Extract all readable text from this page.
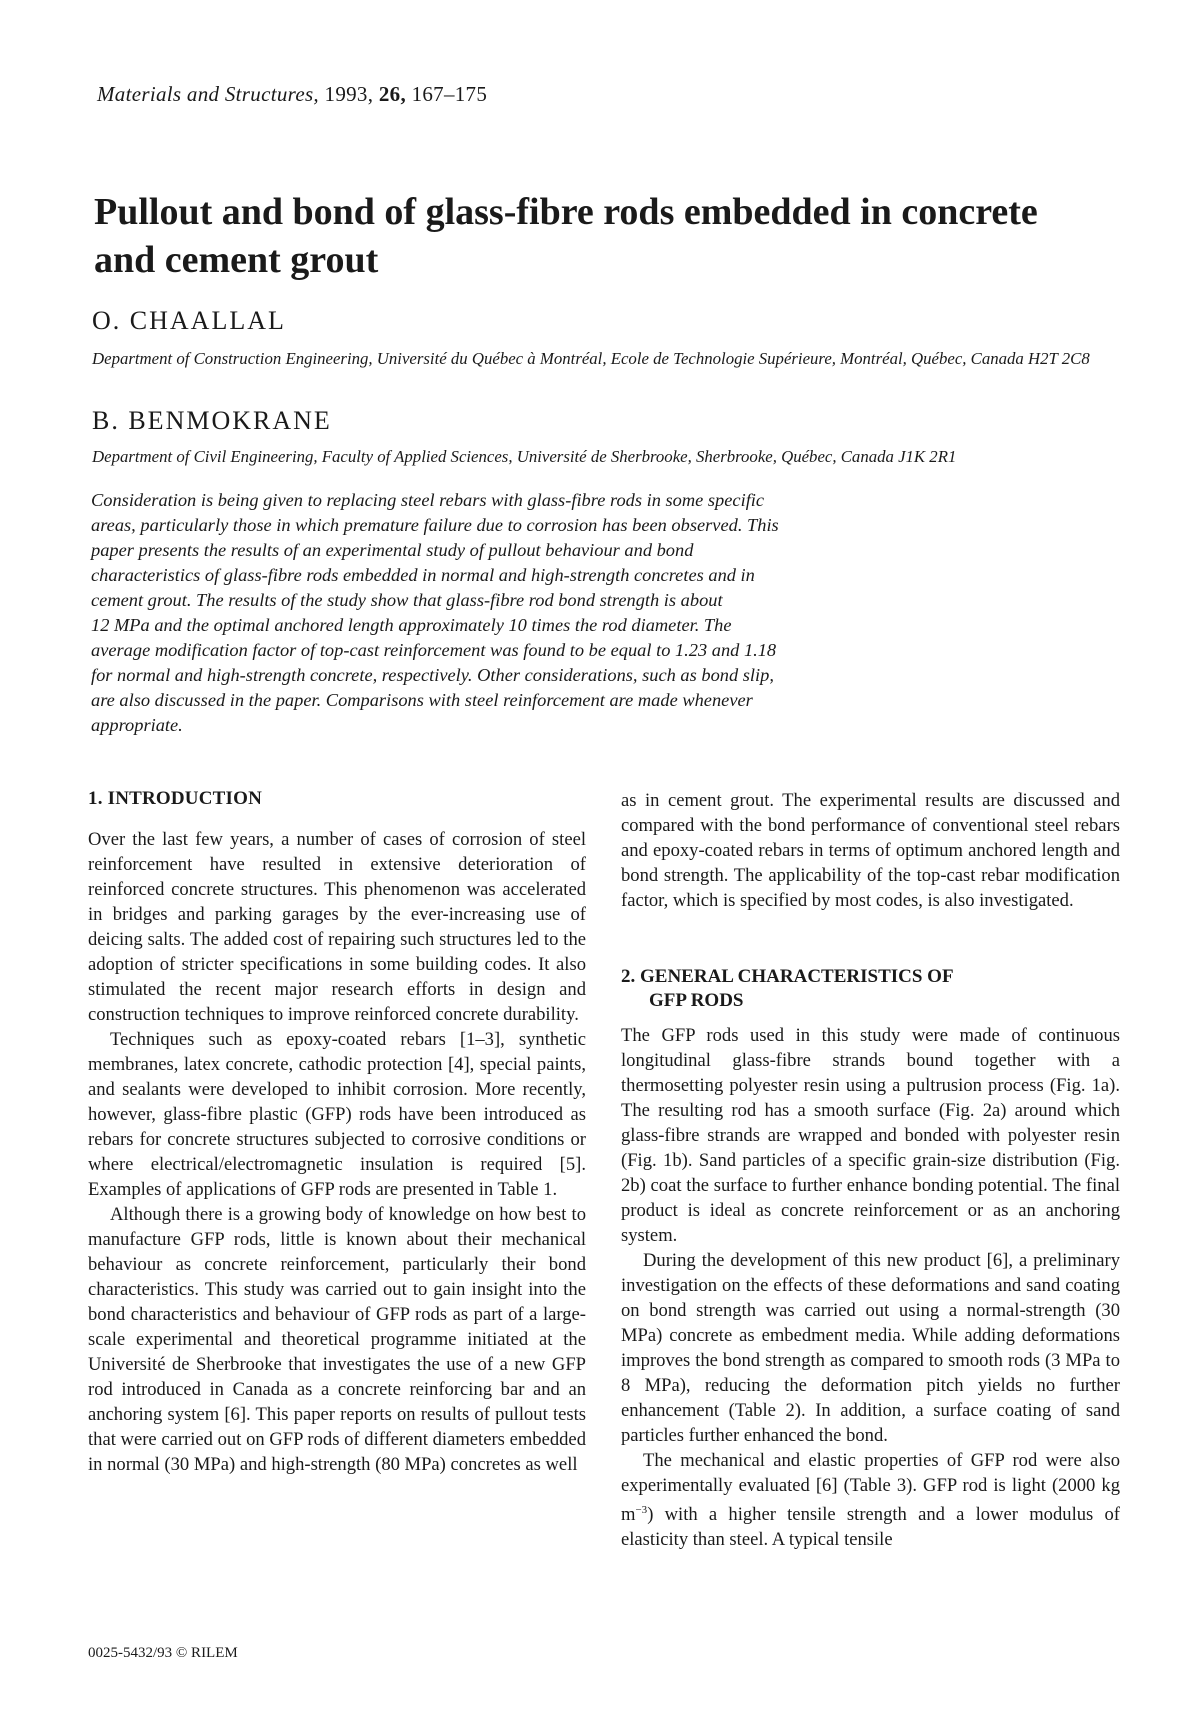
Materials and Structures, 1993, 26, 167–175
Pullout and bond of glass-fibre rods embedded in concrete and cement grout
O. CHAALLAL
Department of Construction Engineering, Université du Québec à Montréal, Ecole de Technologie Supérieure, Montréal, Québec, Canada H2T 2C8
B. BENMOKRANE
Department of Civil Engineering, Faculty of Applied Sciences, Université de Sherbrooke, Sherbrooke, Québec, Canada J1K 2R1
Consideration is being given to replacing steel rebars with glass-fibre rods in some specific
areas, particularly those in which premature failure due to corrosion has been observed. This
paper presents the results of an experimental study of pullout behaviour and bond
characteristics of glass-fibre rods embedded in normal and high-strength concretes and in
cement grout. The results of the study show that glass-fibre rod bond strength is about
12 MPa and the optimal anchored length approximately 10 times the rod diameter. The
average modification factor of top-cast reinforcement was found to be equal to 1.23 and 1.18
for normal and high-strength concrete, respectively. Other considerations, such as bond slip,
are also discussed in the paper. Comparisons with steel reinforcement are made whenever
appropriate.
1. INTRODUCTION

Over the last few years, a number of cases of corrosion of steel reinforcement have resulted in extensive deterioration of reinforced concrete structures. This phenomenon was accelerated in bridges and parking garages by the ever-increasing use of deicing salts. The added cost of repairing such structures led to the adoption of stricter specifications in some building codes. It also stimulated the recent major research efforts in design and construction techniques to improve reinforced concrete durability.

Techniques such as epoxy-coated rebars [1–3], synthetic membranes, latex concrete, cathodic protection [4], special paints, and sealants were developed to inhibit corrosion. More recently, however, glass-fibre plastic (GFP) rods have been introduced as rebars for concrete structures subjected to corrosive conditions or where electrical/electromagnetic insulation is required [5]. Examples of applications of GFP rods are presented in Table 1.

Although there is a growing body of knowledge on how best to manufacture GFP rods, little is known about their mechanical behaviour as concrete reinforcement, particularly their bond characteristics. This study was carried out to gain insight into the bond characteristics and behaviour of GFP rods as part of a large-scale experimental and theoretical programme initiated at the Université de Sherbrooke that investigates the use of a new GFP rod introduced in Canada as a concrete reinforcing bar and an anchoring system [6]. This paper reports on results of pullout tests that were carried out on GFP rods of different diameters embedded in normal (30 MPa) and high-strength (80 MPa) concretes as well

as in cement grout. The experimental results are discussed and compared with the bond performance of conventional steel rebars and epoxy-coated rebars in terms of optimum anchored length and bond strength. The applicability of the top-cast rebar modification factor, which is specified by most codes, is also investigated.

2. GENERAL CHARACTERISTICS OF
GFP RODS

The GFP rods used in this study were made of continuous longitudinal glass-fibre strands bound together with a thermosetting polyester resin using a pultrusion process (Fig. 1a). The resulting rod has a smooth surface (Fig. 2a) around which glass-fibre strands are wrapped and bonded with polyester resin (Fig. 1b). Sand particles of a specific grain-size distribution (Fig. 2b) coat the surface to further enhance bonding potential. The final product is ideal as concrete reinforcement or as an anchoring system.

During the development of this new product [6], a preliminary investigation on the effects of these deformations and sand coating on bond strength was carried out using a normal-strength (30 MPa) concrete as embedment media. While adding deformations improves the bond strength as compared to smooth rods (3 MPa to 8 MPa), reducing the deformation pitch yields no further enhancement (Table 2). In addition, a surface coating of sand particles further enhanced the bond.

The mechanical and elastic properties of GFP rod were also experimentally evaluated [6] (Table 3). GFP rod is light (2000 kg $m^{-3}$) with a higher tensile strength and a lower modulus of elasticity than steel. A typical tensile

0025-5432/93 © RILEM
